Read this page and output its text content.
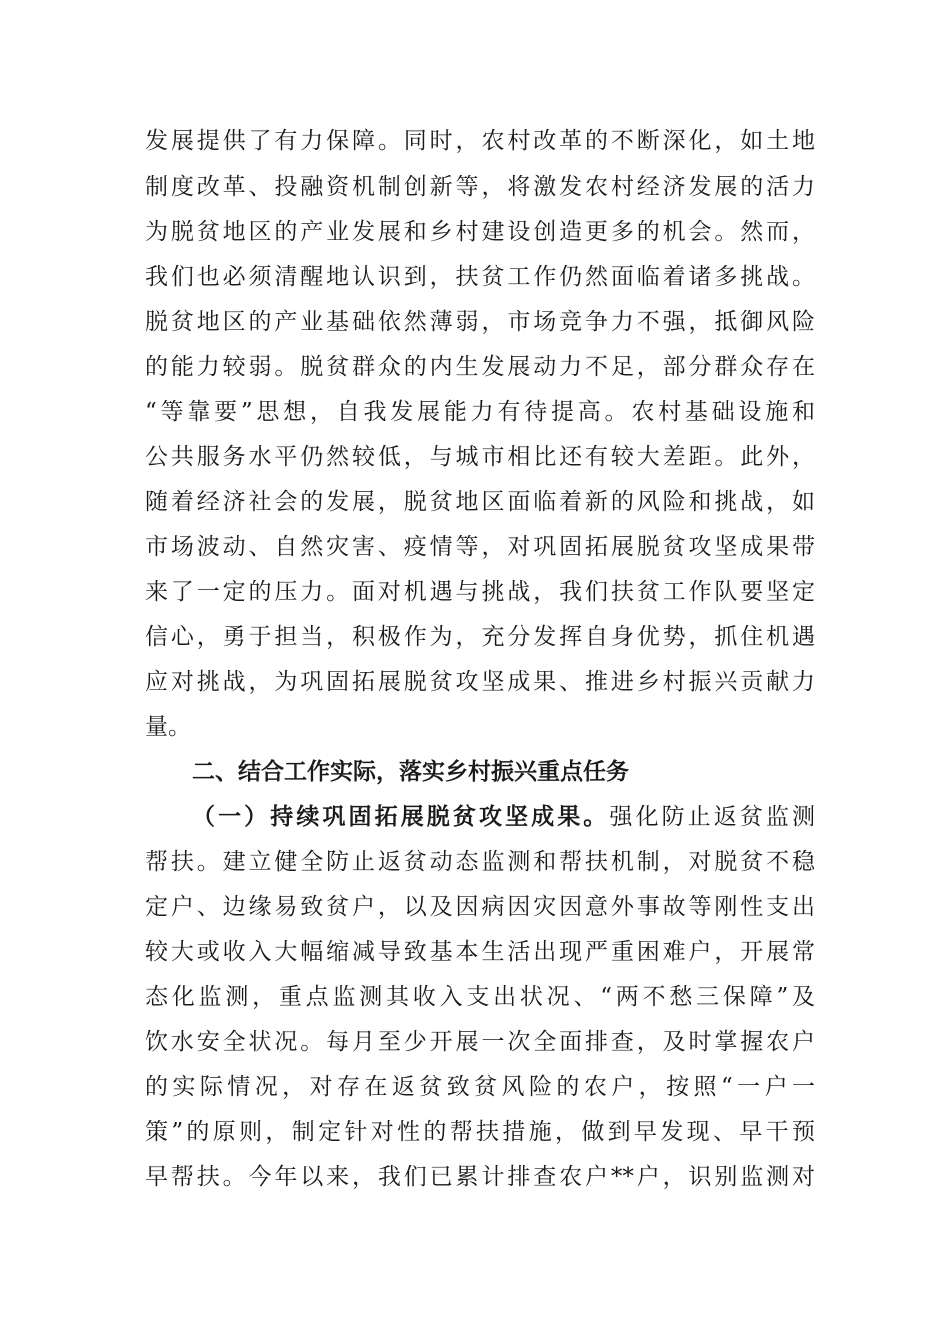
发展提供了有力保障。同时，农村改革的不断深化，如土地
制度改革、投融资机制创新等，将激发农村经济发展的活力
为脱贫地区的产业发展和乡村建设创造更多的机会。然而，
我们也必须清醒地认识到，扶贫工作仍然面临着诸多挑战。
脱贫地区的产业基础依然薄弱，市场竞争力不强，抵御风险
的能力较弱。脱贫群众的内生发展动力不足，部分群众存在
“等靠要”思想，自我发展能力有待提高。农村基础设施和
公共服务水平仍然较低，与城市相比还有较大差距。此外，
随着经济社会的发展，脱贫地区面临着新的风险和挑战，如
市场波动、自然灾害、疫情等，对巩固拓展脱贫攻坚成果带
来了一定的压力。面对机遇与挑战，我们扶贫工作队要坚定
信心，勇于担当，积极作为，充分发挥自身优势，抓住机遇
应对挑战，为巩固拓展脱贫攻坚成果、推进乡村振兴贡献力
量。
二、结合工作实际，落实乡村振兴重点任务
（一）持续巩固拓展脱贫攻坚成果。强化防止返贫监测
帮扶。建立健全防止返贫动态监测和帮扶机制，对脱贫不稳
定户、边缘易致贫户，以及因病因灾因意外事故等刚性支出
较大或收入大幅缩减导致基本生活出现严重困难户，开展常
态化监测，重点监测其收入支出状况、“两不愁三保障”及
饮水安全状况。每月至少开展一次全面排查，及时掌握农户
的实际情况，对存在返贫致贫风险的农户，按照“一户一
策”的原则，制定针对性的帮扶措施，做到早发现、早干预
早帮扶。今年以来，我们已累计排查农户**户，识别监测对
